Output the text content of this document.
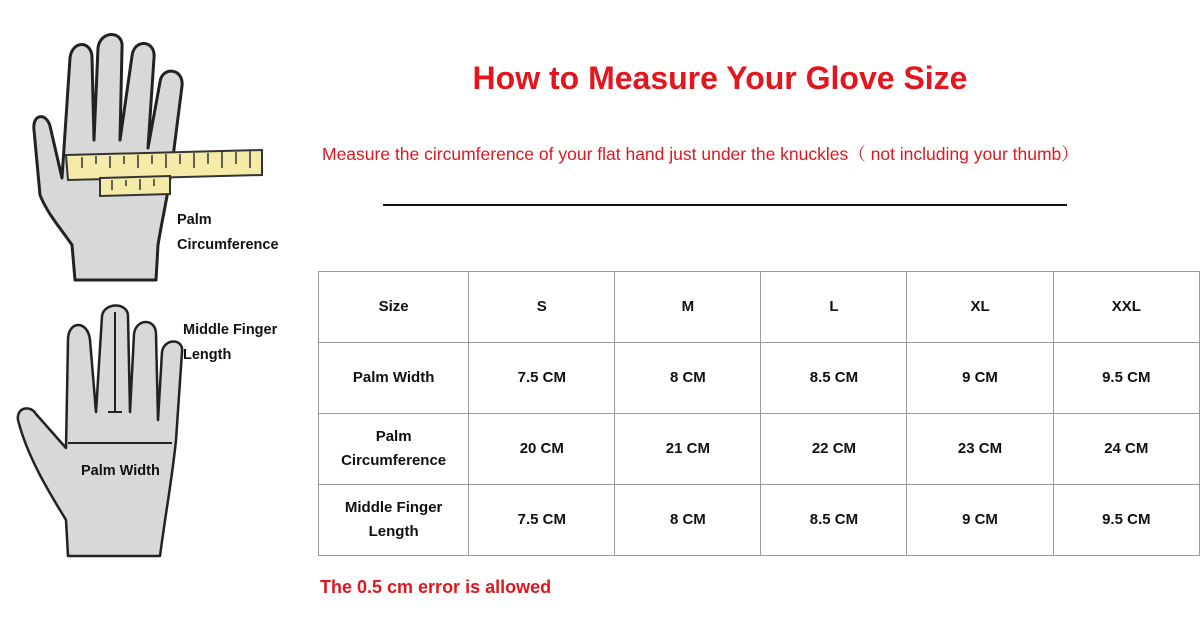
Palm
Circumference
Middle Finger
Length
Palm Width
How to Measure Your Glove Size
Measure the circumference of your flat hand just under the knuckles（ not including your thumb）
Size	S	M	L	XL	XXL
Palm Width	7.5 CM	8 CM	8.5 CM	9 CM	9.5 CM
Palm
Circumference	20 CM	21 CM	22 CM	23 CM	24 CM
Middle Finger
Length	7.5 CM	8 CM	8.5 CM	9 CM	9.5 CM
The 0.5 cm error is allowed
